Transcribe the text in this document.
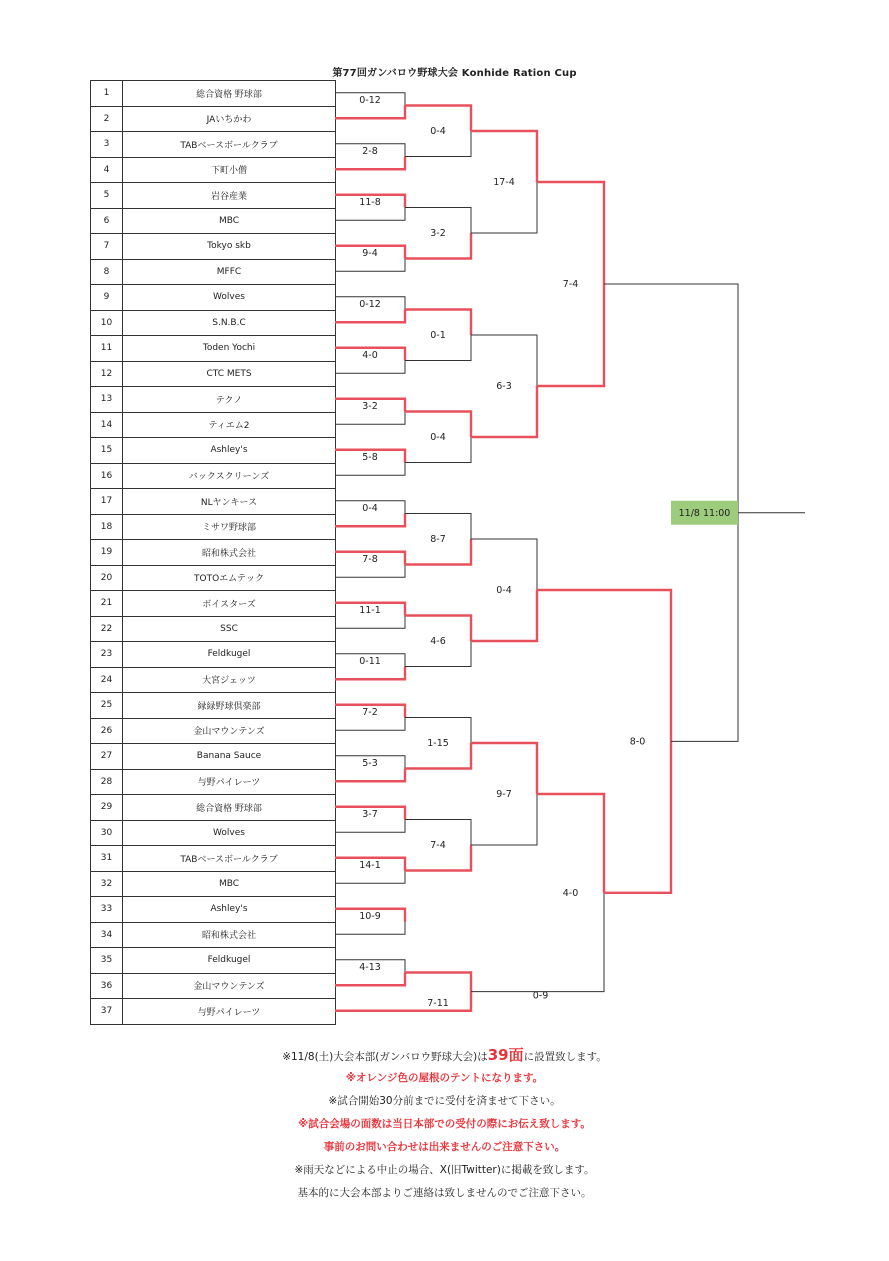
第77回ガンバロウ野球大会 Konhide Ration Cup
1	総合資格 野球部
2	JAいちかわ
3	TABベースボールクラブ
4	下町小僧
5	岩谷産業
6	MBC
7	Tokyo skb
8	MFFC
9	Wolves
10	S.N.B.C
11	Toden Yochi
12	CTC METS
13	テクノ
14	ティエム2
15	Ashley's
16	バックスクリーンズ
17	NLヤンキース
18	ミサワ野球部
19	昭和株式会社
20	TOTOエムテック
21	ボイスターズ
22	SSC
23	Feldkugel
24	大宮ジェッツ
25	縁緑野球倶楽部
26	金山マウンテンズ
27	Banana Sauce
28	与野パイレーツ
29	総合資格 野球部
30	Wolves
31	TABベースボールクラブ
32	MBC
33	Ashley's
34	昭和株式会社
35	Feldkugel
36	金山マウンテンズ
37	与野パイレーツ
0-12
2-8
11-8
9-4
0-12
4-0
3-2
5-8
0-4
7-8
11-1
0-11
7-2
5-3
3-7
14-1
10-9
4-13
0-4
3-2
0-1
0-4
8-7
4-6
1-15
7-4
7-11
17-4
6-3
0-4
9-7
0-9
4-0
7-4
8-0
11/8 11:00
※11/8(土)大会本部(ガンバロウ野球大会)は39面に設置致します。
※オレンジ色の屋根のテントになります。
※試合開始30分前までに受付を済ませて下さい。
※試合会場の面数は当日本部での受付の際にお伝え致します。
事前のお問い合わせは出来ませんのご注意下さい。
※雨天などによる中止の場合、X(旧Twitter)に掲載を致します。
基本的に大会本部よりご連絡は致しませんのでご注意下さい。
